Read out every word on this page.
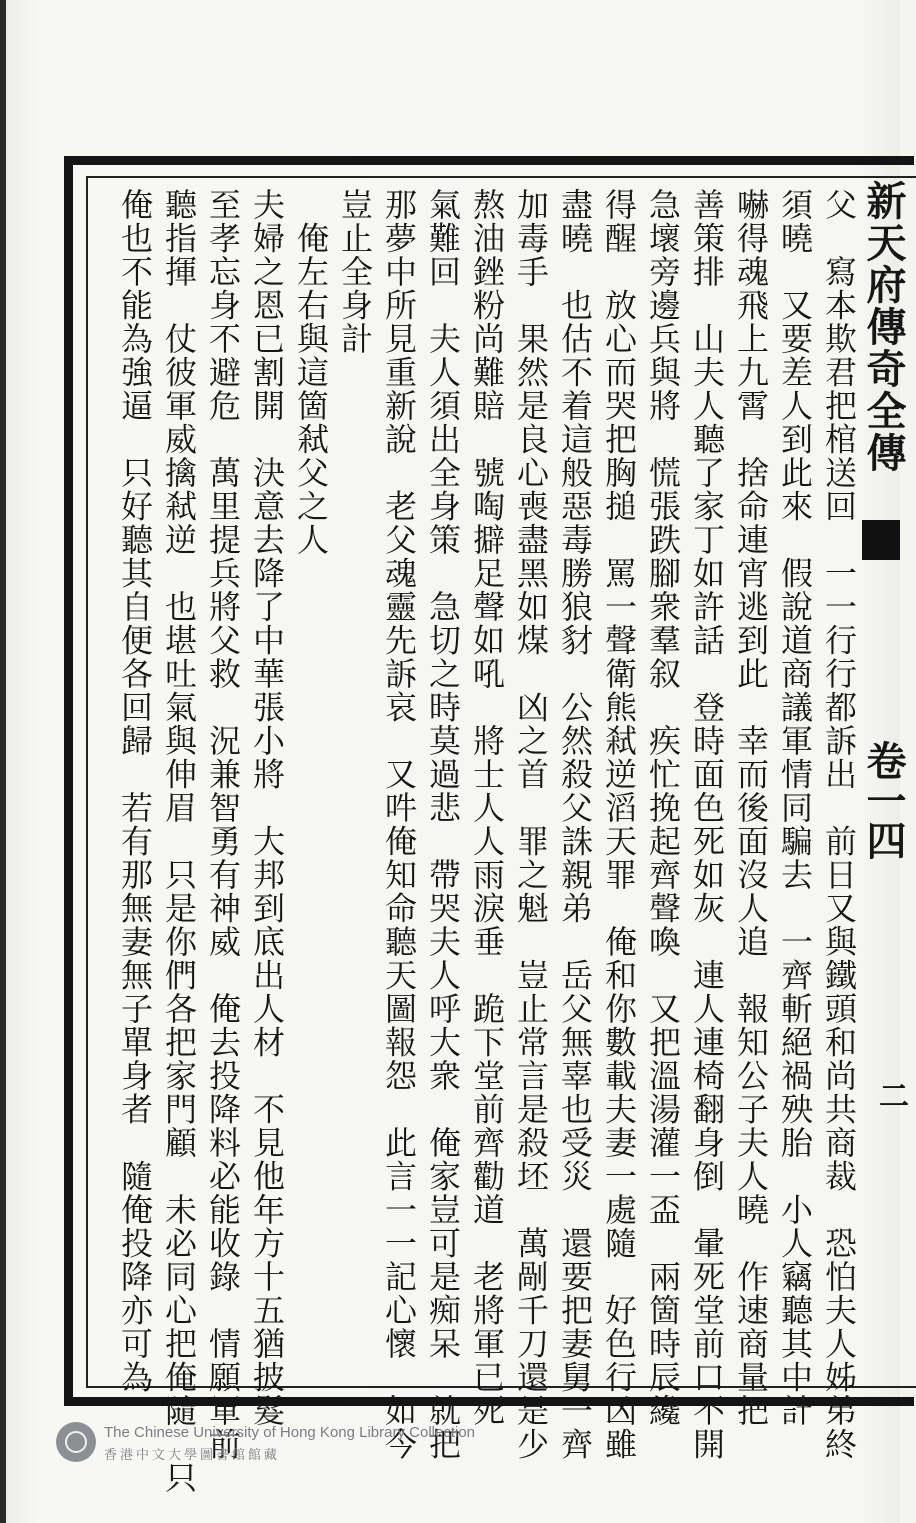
新天府傳奇全傳
卷一四
二
父　寫本欺君把棺送回　一一行行都訴出　前日又與鐵頭和尚共商裁　恐怕夫人姊弟終
須曉　又要差人到此來　假說道商議軍情同騙去　一齊斬絕禍殃胎　小人竊聽其中計
嚇得魂飛上九霄　捨命連宵逃到此　幸而後面沒人追　報知公子夫人曉　作速商量把
善策排　山夫人聽了家丁如許話　登時面色死如灰　連人連椅翻身倒　暈死堂前口不開
急壞旁邊兵與將　慌張跌腳衆羣叙　疾忙挽起齊聲喚　又把溫湯灌一盃　兩箇時辰纔
得醒　放心而哭把胸搥　罵一聲衛熊弒逆滔天罪　俺和你數載夫妻一處隨　好色行凶雖
盡曉　也估不着這般惡毒勝狼豺　公然殺父誅親弟　岳父無辜也受災　還要把妻舅一齊
加毒手　果然是良心喪盡黑如煤　凶之首　罪之魁　豈止常言是殺坯　萬剮千刀還是少
熬油銼粉尚難賠　號啕擗足聲如吼　將士人人雨淚垂　跪下堂前齊勸道　老將軍已死
氣難回　夫人須出全身策　急切之時莫過悲　帶哭夫人呼大衆　俺家豈可是痴呆　就把
那夢中所見重新說　老父魂靈先訴哀　又吽俺知命聽天圖報怨　此言一一記心懷　如今
豈止全身計
　俺左右與這箇弒父之人
夫婦之恩已割開　決意去降了中華張小將　大邦到底出人材　不見他年方十五猶披髮
至孝忘身不避危　萬里提兵將父救　況兼智勇有神威　俺去投降料必能收錄　情願軍前
聽指揮　仗彼軍威擒弒逆　也堪吐氣與伸眉　只是你們各把家門顧　未必同心把俺隨　只
俺也不能為強逼　只好聽其自便各回歸　若有那無妻無子單身者　隨俺投降亦可為
The Chinese University of Hong Kong Library Collection
香港中文大學圖書館館藏
